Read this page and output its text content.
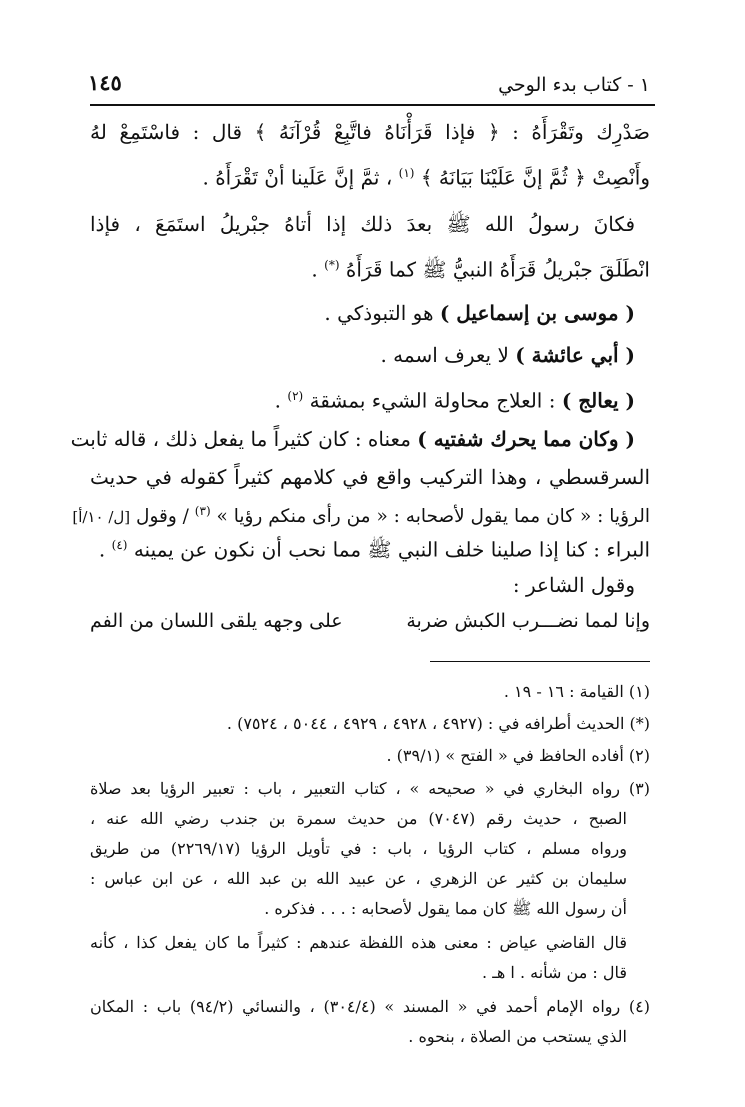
١ - كتاب بدء الوحي
١٤٥
صَدْرِك وتَقْرَأَهُ : ﴿ فإذا قَرَأْنَاهُ فاتَّبِعْ قُرْآنَهُ ﴾ قال : فاسْتَمِعْ لهُ
وأَنْصِتْ ﴿ ثُمَّ إنَّ عَلَيْنَا بَيَانَهُ ﴾ $^{(١)}$ ، ثمَّ إنَّ عَلَينا أنْ تَقْرَأَهُ .
فكانَ رسولُ الله ﷺ بعدَ ذلك إذا أتاهُ جبْريلُ استَمَعَ ، فإذا
انْطَلَقَ جبْريلُ قَرَأَهُ النبيُّ ﷺ كما قَرَأَهُ (*) .
( موسى بن إسماعيل ) هو التبوذكي .
( أبي عائشة ) لا يعرف اسمه .
( يعالج ) : العلاج محاولة الشيء بمشقة $^{(٢)}$ .
( وكان مما يحرك شفتيه ) معناه : كان كثيراً ما يفعل ذلك ، قاله ثابت
السرقسطي ، وهذا التركيب واقع في كلامهم كثيراً كقوله في حديث
الرؤيا : « كان مما يقول لأصحابه : « من رأى منكم رؤيا » $^{(٣)}$ / وقول [ل/ ١٠/أ]
البراء : كنا إذا صلينا خلف النبي ﷺ مما نحب أن نكون عن يمينه $^{(٤)}$ .
وقول الشاعر :
وإنا لمما نضـــرب الكبش ضربة
على وجهه يلقى اللسان من الفم
(١) القيامة : ١٦ - ١٩ .
(*) الحديث أطرافه في : (٤٩٢٧ ، ٤٩٢٨ ، ٤٩٢٩ ، ٥٠٤٤ ، ٧٥٢٤) .
(٢) أفاده الحافظ في « الفتح » (٣٩/١) .
(٣) رواه البخاري في « صحيحه » ، كتاب التعبير ، باب : تعبير الرؤيا بعد صلاة
الصبح ، حديث رقم (٧٠٤٧) من حديث سمرة بن جندب رضي الله عنه ،
ورواه مسلم ، كتاب الرؤيا ، باب : في تأويل الرؤيا (٢٢٦٩/١٧) من طريق
سليمان بن كثير عن الزهري ، عن عبيد الله بن عبد الله ، عن ابن عباس :
أن رسول الله ﷺ كان مما يقول لأصحابه : . . . فذكره .
قال القاضي عياض : معنى هذه اللفظة عندهم : كثيراً ما كان يفعل كذا ، كأنه
قال : من شأنه . ا هـ .
(٤) رواه الإمام أحمد في « المسند » (٣٠٤/٤) ، والنسائي (٩٤/٢) باب : المكان
الذي يستحب من الصلاة ، بنحوه .
